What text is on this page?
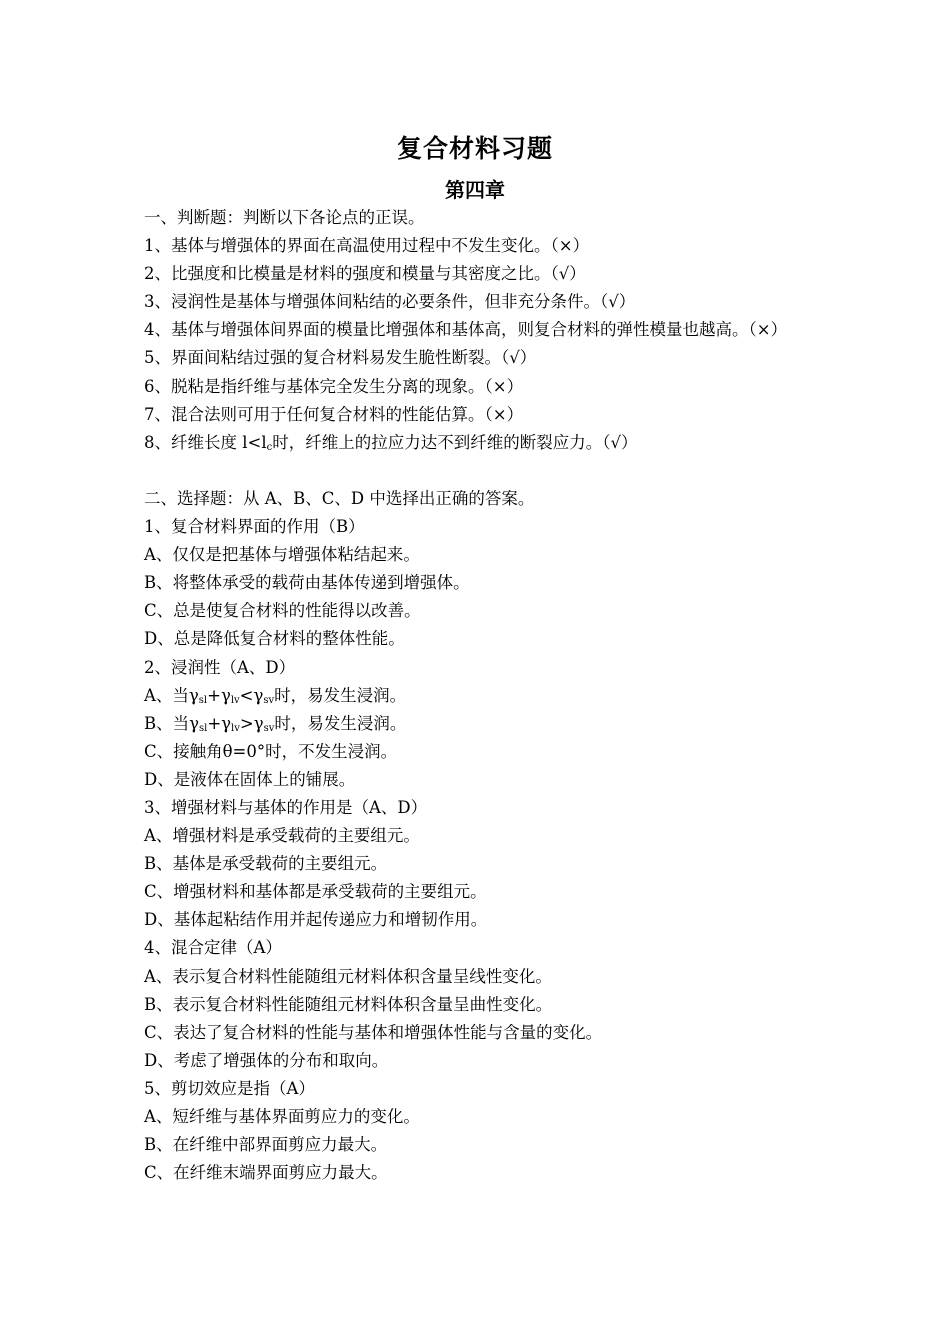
复合材料习题
第四章
一、判断题：判断以下各论点的正误。
1、基体与增强体的界面在高温使用过程中不发生变化。（×）
2、比强度和比模量是材料的强度和模量与其密度之比。（√）
3、浸润性是基体与增强体间粘结的必要条件，但非充分条件。（√）
4、基体与增强体间界面的模量比增强体和基体高，则复合材料的弹性模量也越高。（×）
5、界面间粘结过强的复合材料易发生脆性断裂。（√）
6、脱粘是指纤维与基体完全发生分离的现象。（×）
7、混合法则可用于任何复合材料的性能估算。（×）
8、纤维长度 $l<l_c$时，纤维上的拉应力达不到纤维的断裂应力。（√）
二、选择题：从 A、B、C、D 中选择出正确的答案。
1、复合材料界面的作用（B）
A、仅仅是把基体与增强体粘结起来。
B、将整体承受的载荷由基体传递到增强体。
C、总是使复合材料的性能得以改善。
D、总是降低复合材料的整体性能。
2、浸润性（A、D）
A、当$\gamma_{sl}+\gamma_{lv}<\gamma_{sv}$时，易发生浸润。
B、当$\gamma_{sl}+\gamma_{lv}>\gamma_{sv}$时，易发生浸润。
C、接触角θ=0°时，不发生浸润。
D、是液体在固体上的铺展。
3、增强材料与基体的作用是（A、D）
A、增强材料是承受载荷的主要组元。
B、基体是承受载荷的主要组元。
C、增强材料和基体都是承受载荷的主要组元。
D、基体起粘结作用并起传递应力和增韧作用。
4、混合定律（A）
A、表示复合材料性能随组元材料体积含量呈线性变化。
B、表示复合材料性能随组元材料体积含量呈曲性变化。
C、表达了复合材料的性能与基体和增强体性能与含量的变化。
D、考虑了增强体的分布和取向。
5、剪切效应是指（A）
A、短纤维与基体界面剪应力的变化。
B、在纤维中部界面剪应力最大。
C、在纤维末端界面剪应力最大。
